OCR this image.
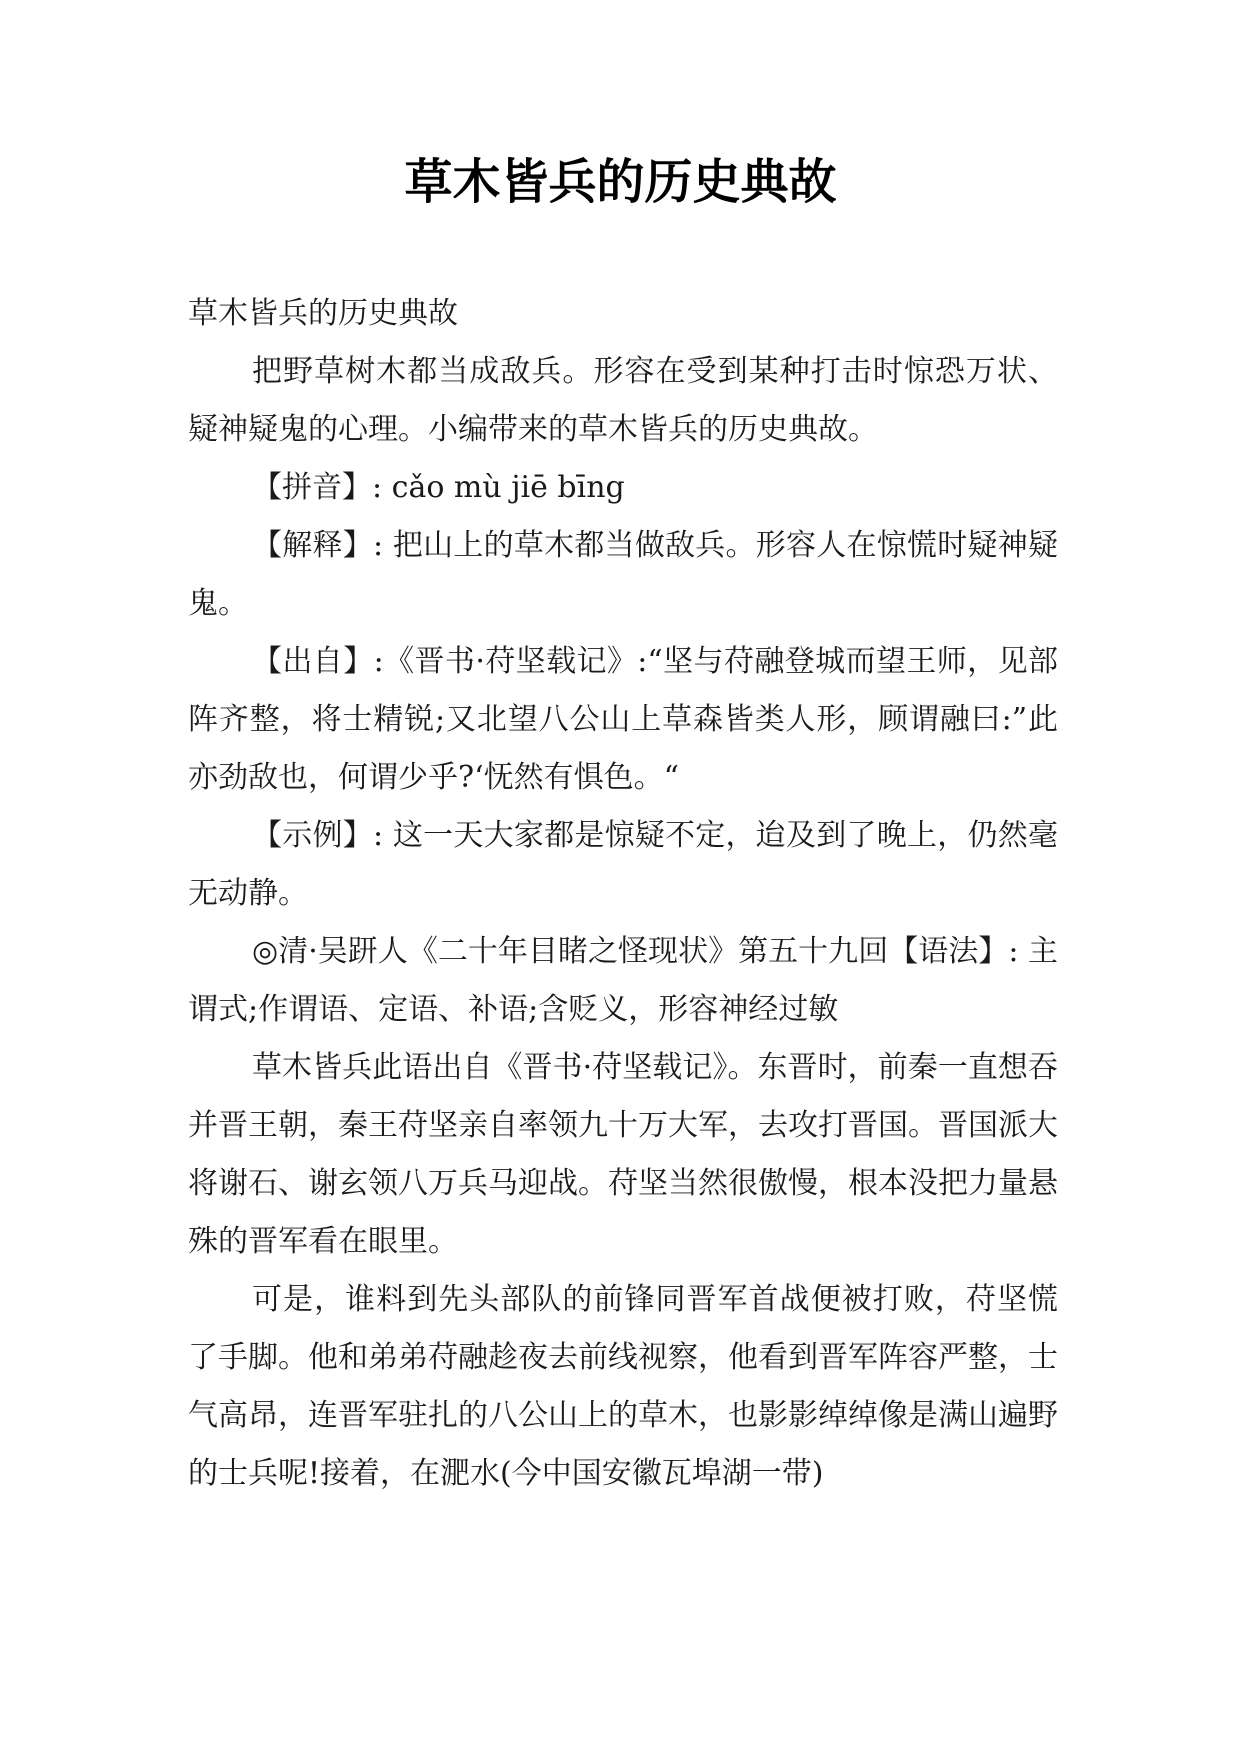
草木皆兵的历史典故

草木皆兵的历史典故

把野草树木都当成敌兵。形容在受到某种打击时惊恐万状、疑神疑鬼的心理。小编带来的草木皆兵的历史典故。

【拼音】: cǎo mù jiē bīng

【解释】: 把山上的草木都当做敌兵。形容人在惊慌时疑神疑鬼。

【出自】:《晋书·苻坚载记》:“坚与苻融登城而望王师，见部阵齐整，将士精锐;又北望八公山上草森皆类人形，顾谓融曰:”此亦劲敌也，何谓少乎?‘怃然有惧色。“

【示例】: 这一天大家都是惊疑不定，迨及到了晚上，仍然毫无动静。

◎清·吴趼人《二十年目睹之怪现状》第五十九回【语法】: 主谓式;作谓语、定语、补语;含贬义，形容神经过敏

草木皆兵此语出自《晋书·苻坚载记》。东晋时，前秦一直想吞并晋王朝，秦王苻坚亲自率领九十万大军，去攻打晋国。晋国派大将谢石、谢玄领八万兵马迎战。苻坚当然很傲慢，根本没把力量悬殊的晋军看在眼里。

可是，谁料到先头部队的前锋同晋军首战便被打败，苻坚慌了手脚。他和弟弟苻融趁夜去前线视察，他看到晋军阵容严整，士气高昂，连晋军驻扎的八公山上的草木，也影影绰绰像是满山遍野的士兵呢!接着，在淝水(今中国安徽瓦埠湖一带)
